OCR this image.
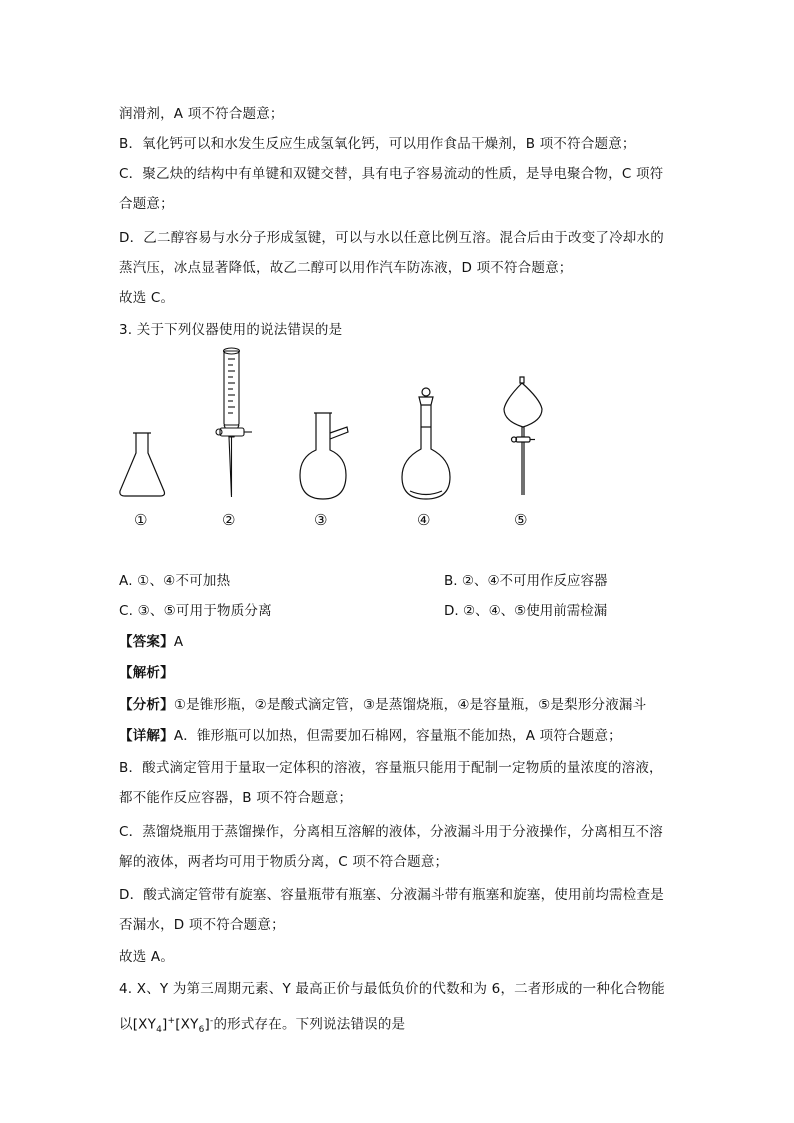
润滑剂，A 项不符合题意；
B．氧化钙可以和水发生反应生成氢氧化钙，可以用作食品干燥剂，B 项不符合题意；
C．聚乙炔的结构中有单键和双键交替，具有电子容易流动的性质，是导电聚合物，C 项符
合题意；
D．乙二醇容易与水分子形成氢键，可以与水以任意比例互溶。混合后由于改变了冷却水的
蒸汽压，冰点显著降低，故乙二醇可以用作汽车防冻液，D 项不符合题意；
故选 C。
3. 关于下列仪器使用的说法错误的是
①	②	③	④	⑤
A. ①、④不可加热	B. ②、④不可用作反应容器
C. ③、⑤可用于物质分离	D. ②、④、⑤使用前需检漏
【答案】A
【解析】
【分析】①是锥形瓶，②是酸式滴定管，③是蒸馏烧瓶，④是容量瓶，⑤是梨形分液漏斗
【详解】A．锥形瓶可以加热，但需要加石棉网，容量瓶不能加热，A 项符合题意；
B．酸式滴定管用于量取一定体积的溶液，容量瓶只能用于配制一定物质的量浓度的溶液，
都不能作反应容器，B 项不符合题意；
C．蒸馏烧瓶用于蒸馏操作，分离相互溶解的液体，分液漏斗用于分液操作，分离相互不溶
解的液体，两者均可用于物质分离，C 项不符合题意；
D．酸式滴定管带有旋塞、容量瓶带有瓶塞、分液漏斗带有瓶塞和旋塞，使用前均需检查是
否漏水，D 项不符合题意；
故选 A。
4. X、Y 为第三周期元素、Y 最高正价与最低负价的代数和为 6，二者形成的一种化合物能
以$[XY_4]^+[XY_6]^-$的形式存在。下列说法错误的是
